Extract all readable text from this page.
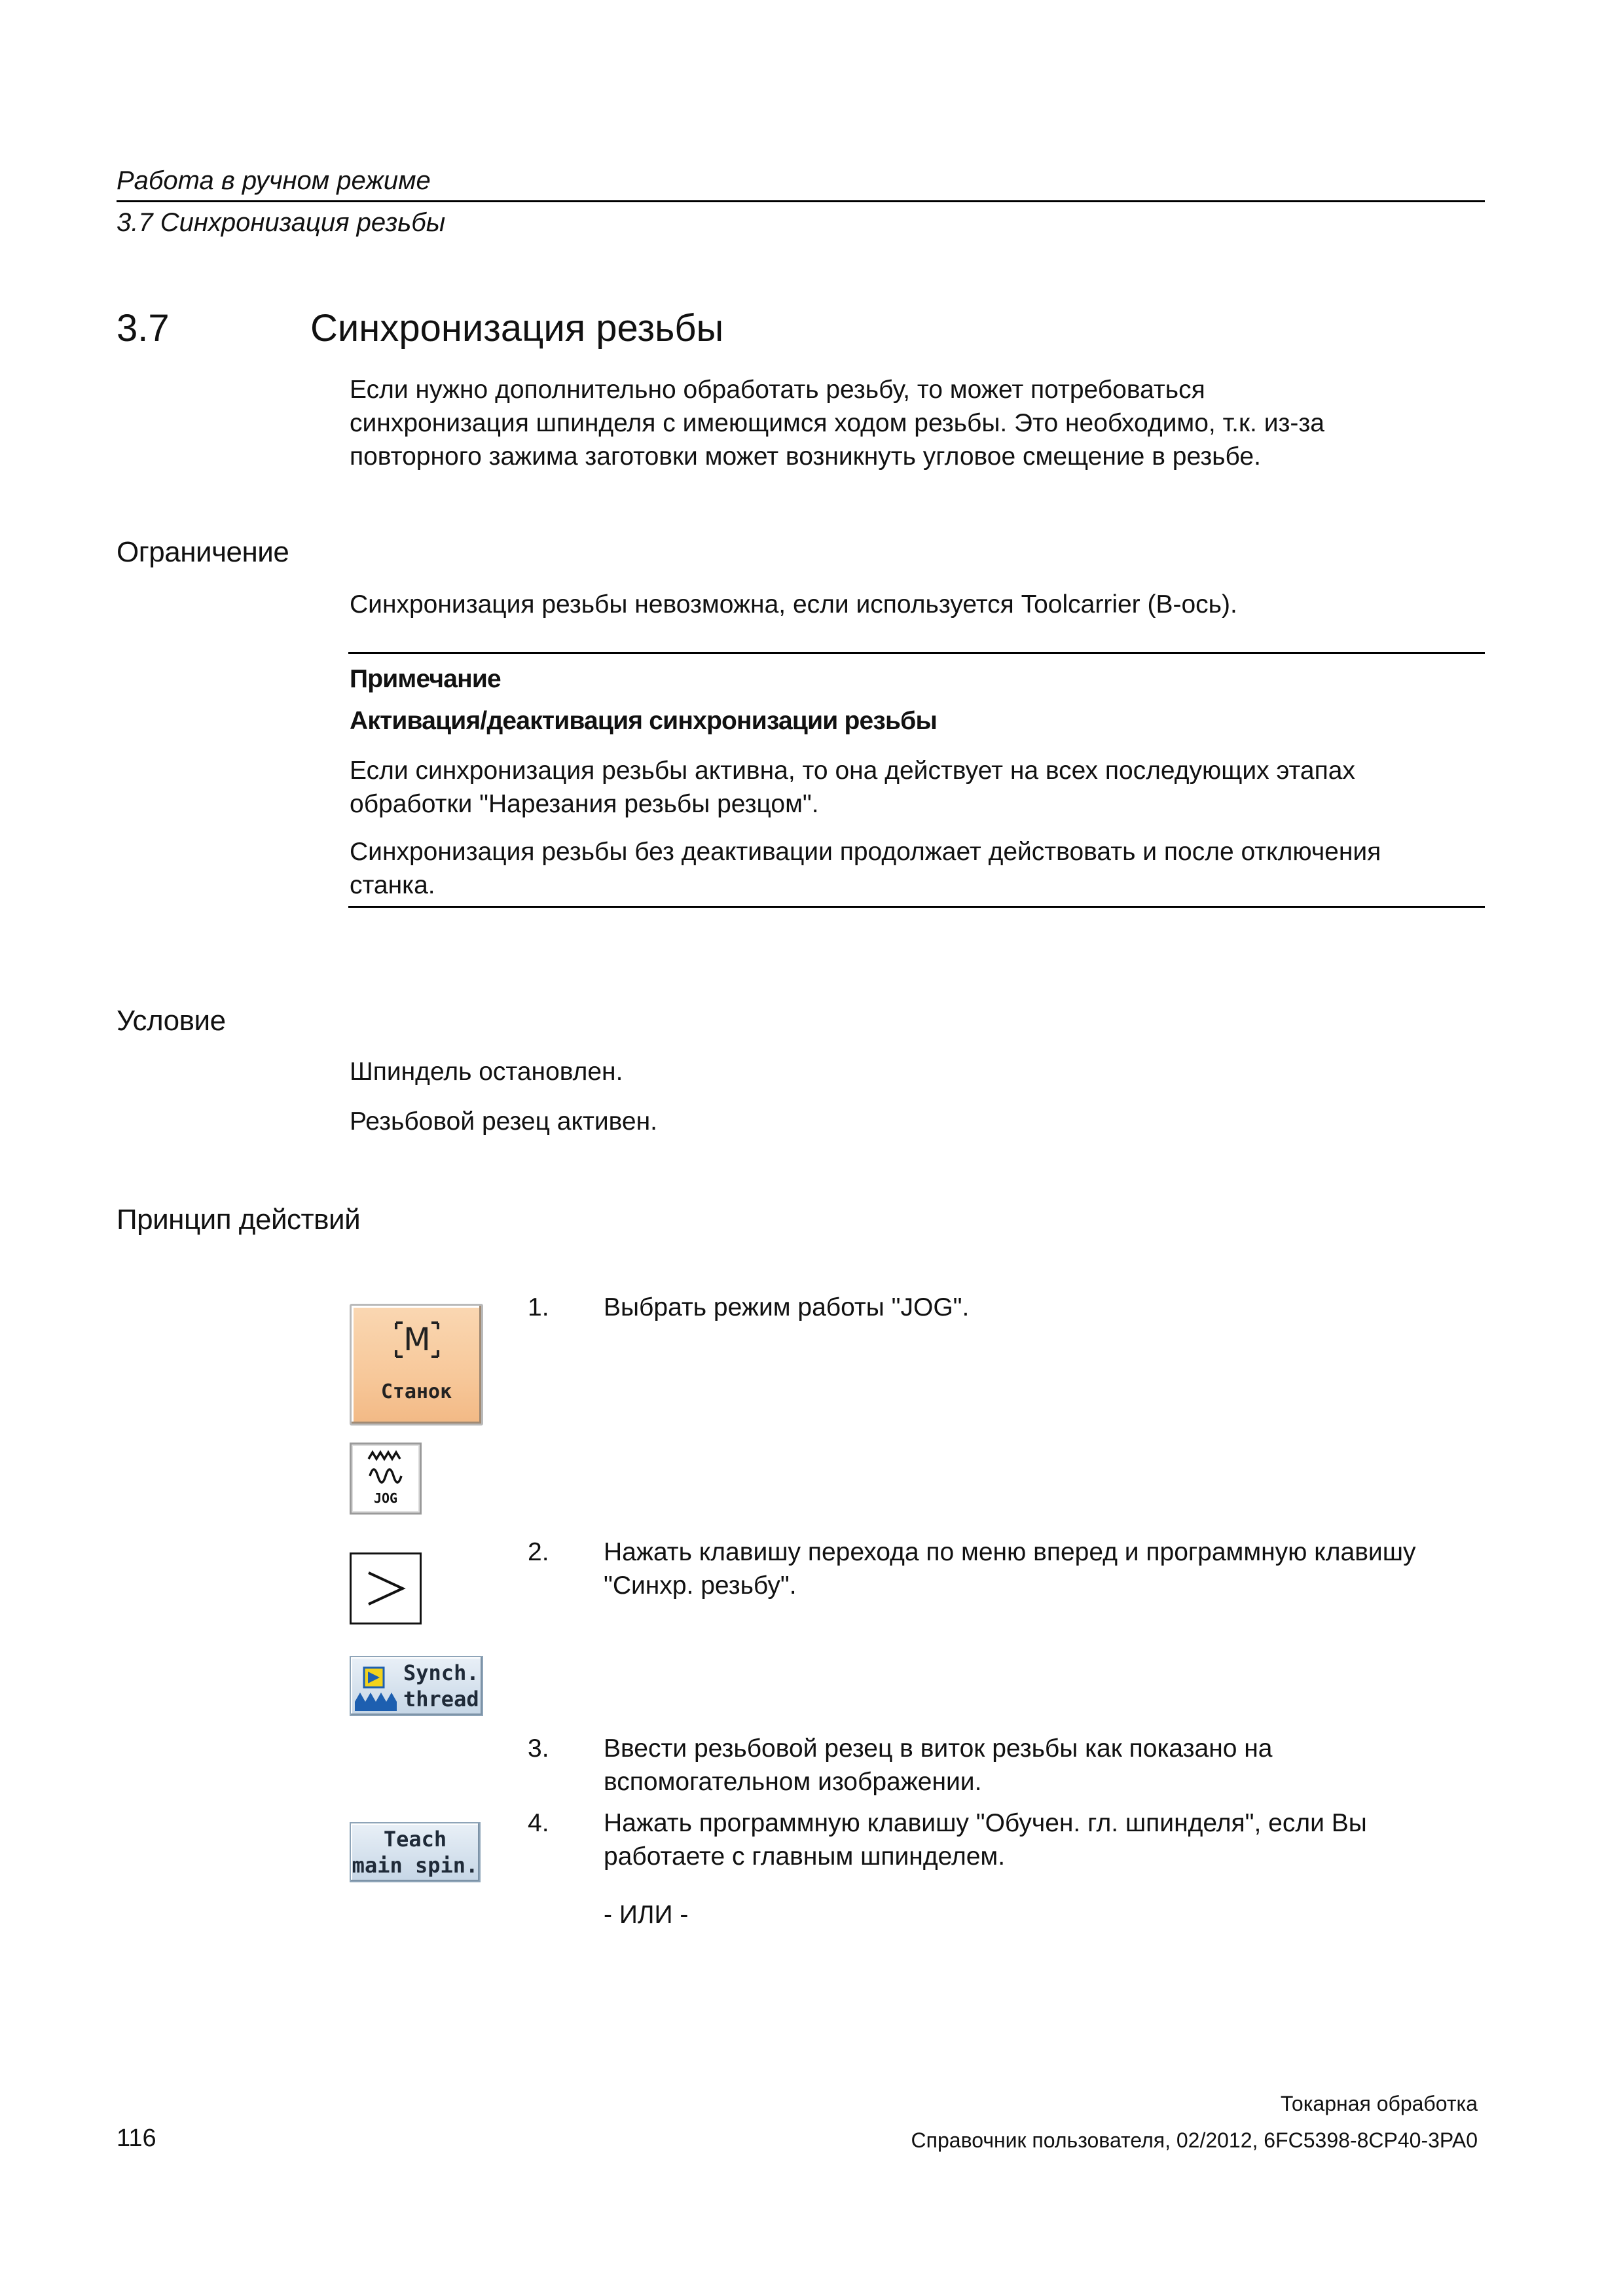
Работа в ручном режиме
3.7 Синхронизация резьбы
3.7	Синхронизация резьбы
Если нужно дополнительно обработать резьбу, то может потребоваться
синхронизация шпинделя с имеющимся ходом резьбы. Это необходимо, т.к. из-за
повторного зажима заготовки может возникнуть угловое смещение в резьбе.
Ограничение
Синхронизация резьбы невозможна, если используется Toolcarrier (B-ось).
Примечание
Активация/деактивация синхронизации резьбы
Если синхронизация резьбы активна, то она действует на всех последующих этапах
обработки "Нарезания резьбы резцом".
Синхронизация резьбы без деактивации продолжает действовать и после отключения
станка.
Условие
Шпиндель остановлен.
Резьбовой резец активен.
Принцип действий
M
Станок
JOG
Synch.
thread
Teach
main spin.
1. Выбрать режим работы "JOG".
2. Нажать клавишу перехода по меню вперед и программную клавишу
"Синхр. резьбу".
3. Ввести резьбовой резец в виток резьбы как показано на
вспомогательном изображении.
4. Нажать программную клавишу "Обучен. гл. шпинделя", если Вы
работаете с главным шпинделем.
- ИЛИ -
Токарная обработка
116	Справочник пользователя, 02/2012, 6FC5398-8CP40-3PA0
